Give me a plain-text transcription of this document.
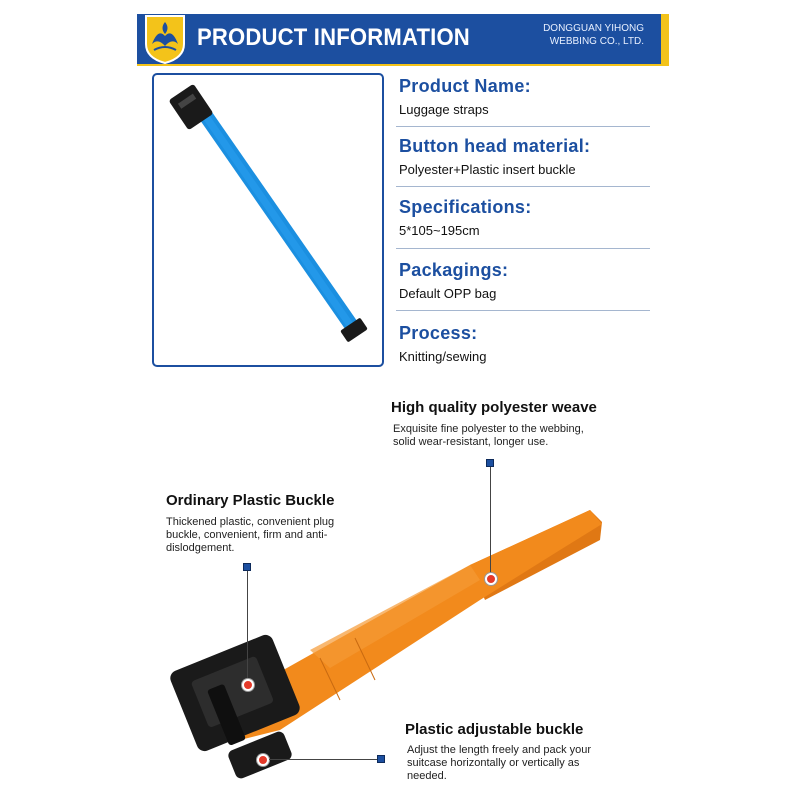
PRODUCT INFORMATION	DONGGUAN YIHONG
WEBBING CO., LTD.
Product Name:
Luggage straps
Button head material:
Polyester+Plastic insert buckle
Specifications:
5*105~195cm
Packagings:
Default OPP bag
Process:
Knitting/sewing
High quality polyester weave
Exquisite fine polyester to the webbing,
solid wear-resistant, longer use.
Ordinary Plastic Buckle
Thickened plastic, convenient plug
buckle, convenient, firm and anti-
dislodgement.
Plastic adjustable buckle
Adjust the length freely and pack your
suitcase horizontally or vertically as
needed.
